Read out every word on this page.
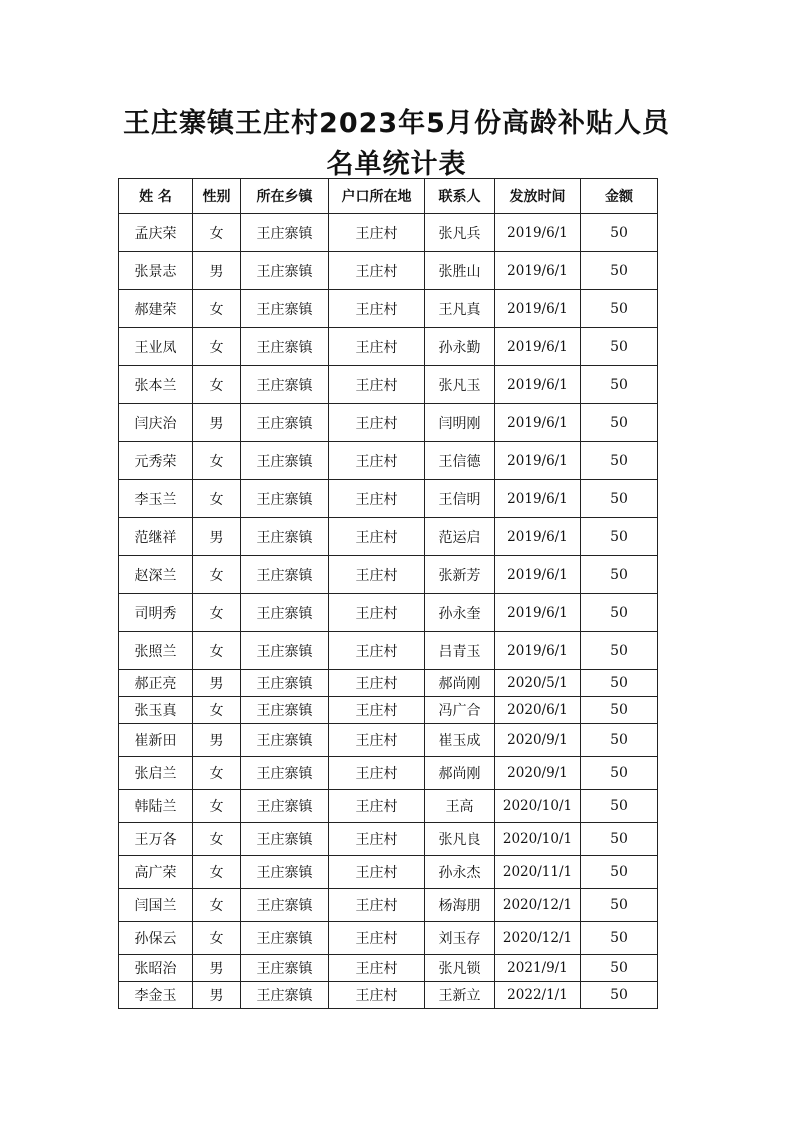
王庄寨镇王庄村2023年5月份高龄补贴人员
名单统计表
姓 名	性别	所在乡镇	户口所在地	联系人	发放时间	金额
孟庆荣	女	王庄寨镇	王庄村	张凡兵	2019/6/1	50
张景志	男	王庄寨镇	王庄村	张胜山	2019/6/1	50
郝建荣	女	王庄寨镇	王庄村	王凡真	2019/6/1	50
王业凤	女	王庄寨镇	王庄村	孙永勤	2019/6/1	50
张本兰	女	王庄寨镇	王庄村	张凡玉	2019/6/1	50
闫庆治	男	王庄寨镇	王庄村	闫明刚	2019/6/1	50
元秀荣	女	王庄寨镇	王庄村	王信德	2019/6/1	50
李玉兰	女	王庄寨镇	王庄村	王信明	2019/6/1	50
范继祥	男	王庄寨镇	王庄村	范运启	2019/6/1	50
赵深兰	女	王庄寨镇	王庄村	张新芳	2019/6/1	50
司明秀	女	王庄寨镇	王庄村	孙永奎	2019/6/1	50
张照兰	女	王庄寨镇	王庄村	吕青玉	2019/6/1	50
郝正亮	男	王庄寨镇	王庄村	郝尚刚	2020/5/1	50
张玉真	女	王庄寨镇	王庄村	冯广合	2020/6/1	50
崔新田	男	王庄寨镇	王庄村	崔玉成	2020/9/1	50
张启兰	女	王庄寨镇	王庄村	郝尚刚	2020/9/1	50
韩陆兰	女	王庄寨镇	王庄村	王高	2020/10/1	50
王万各	女	王庄寨镇	王庄村	张凡良	2020/10/1	50
高广荣	女	王庄寨镇	王庄村	孙永杰	2020/11/1	50
闫国兰	女	王庄寨镇	王庄村	杨海朋	2020/12/1	50
孙保云	女	王庄寨镇	王庄村	刘玉存	2020/12/1	50
张昭治	男	王庄寨镇	王庄村	张凡锁	2021/9/1	50
李金玉	男	王庄寨镇	王庄村	王新立	2022/1/1	50
